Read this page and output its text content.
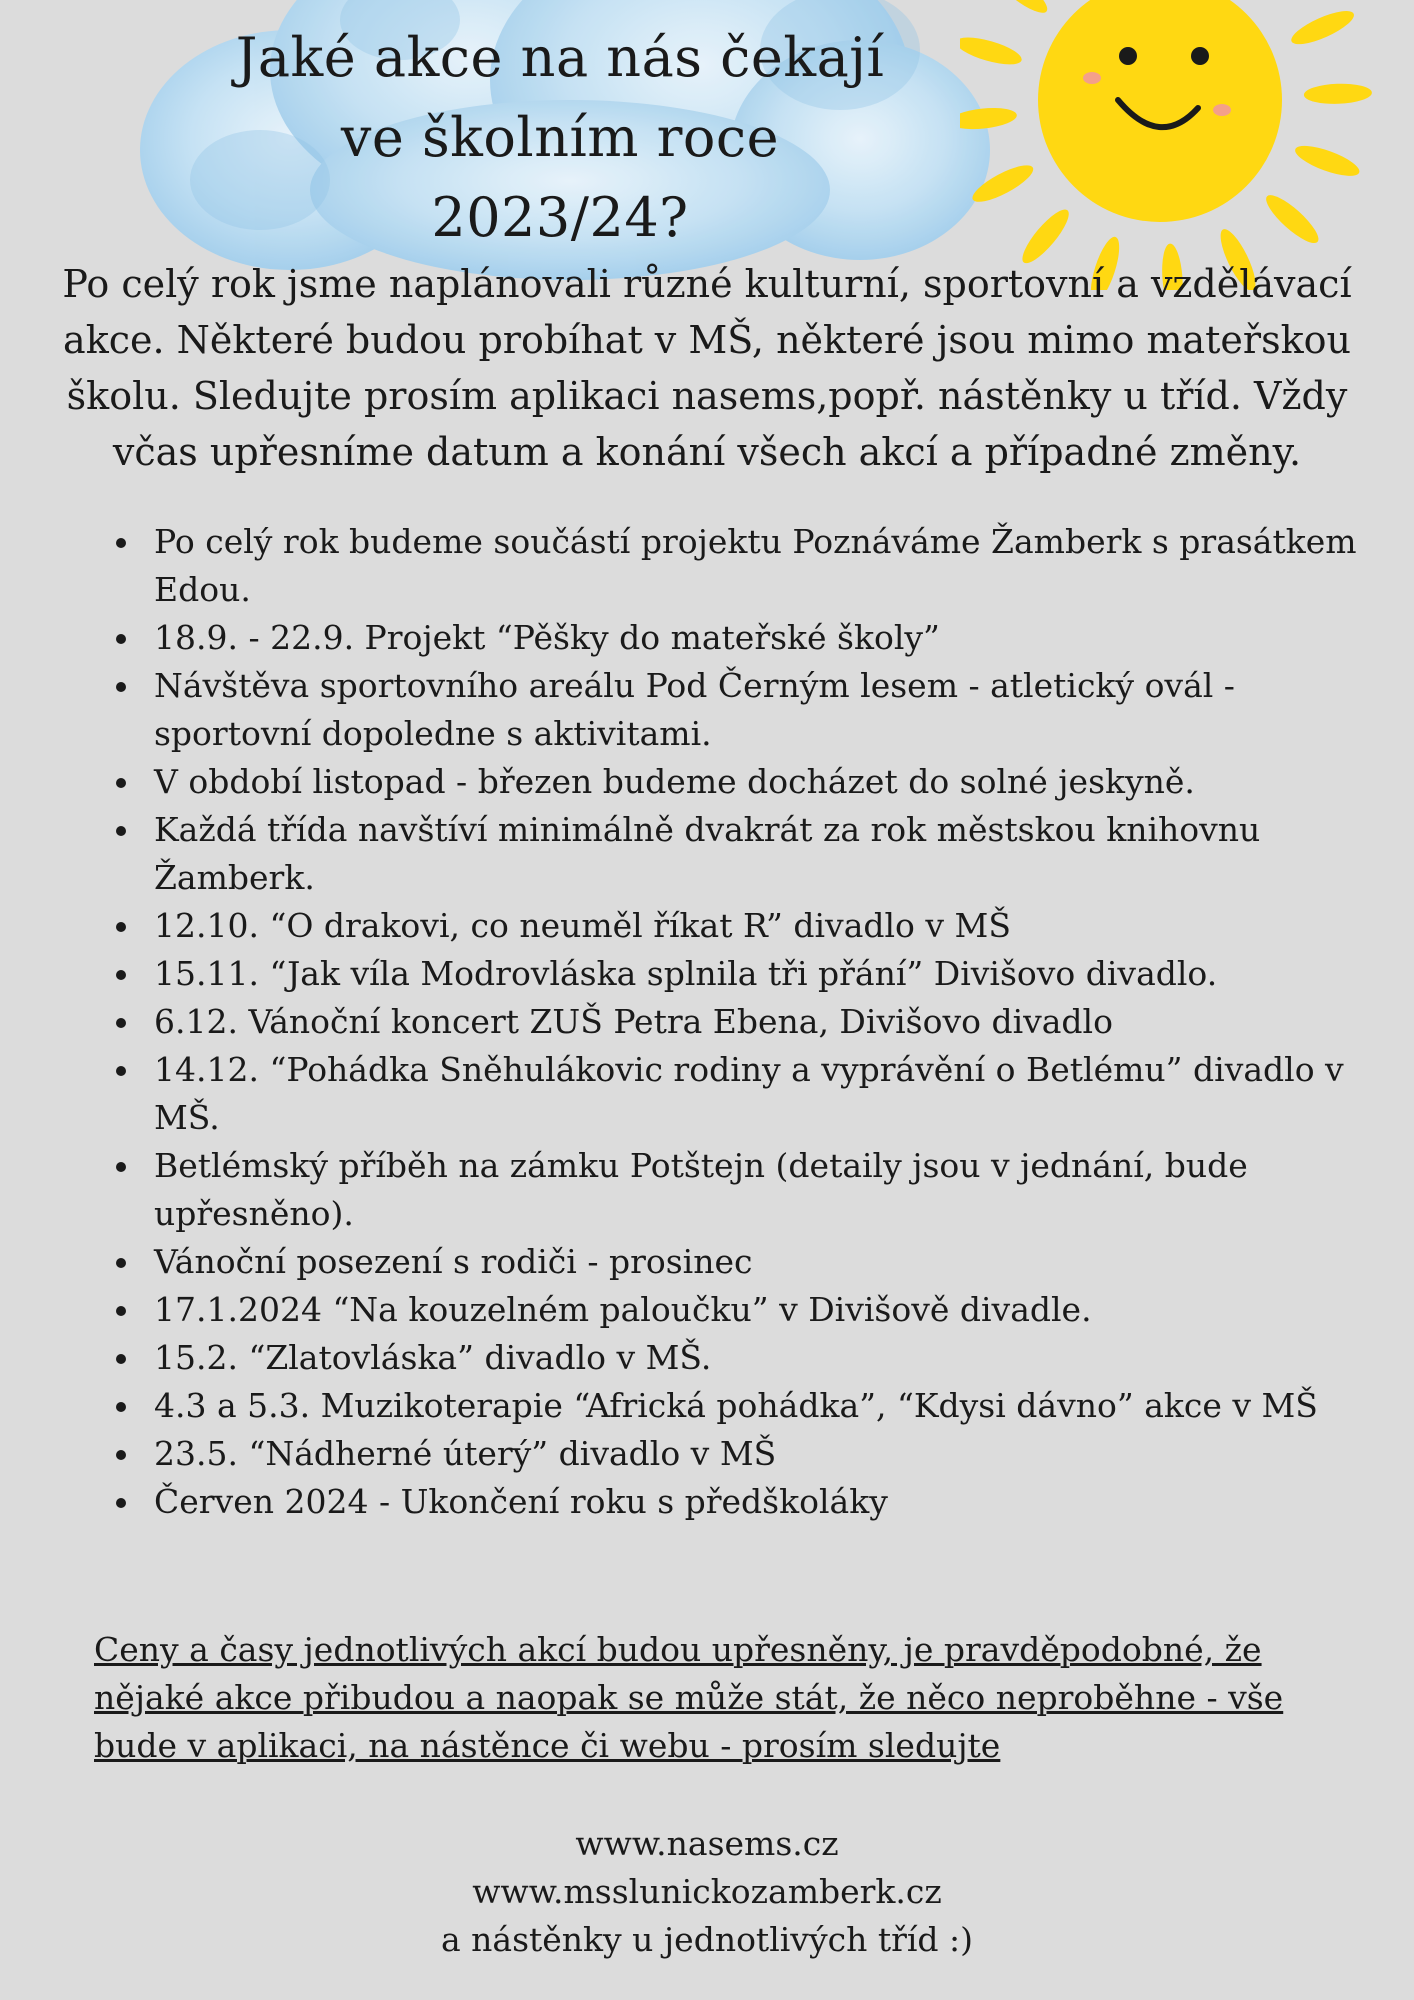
Jaké akce na nás čekají
ve školním roce
2023/24?

Po celý rok jsme naplánovali různé kulturní, sportovní a vzdělávací akce. Některé budou probíhat v MŠ, některé jsou mimo mateřskou školu. Sledujte prosím aplikaci nasems,popř. nástěnky u tříd. Vždy včas upřesníme datum a konání všech akcí a případné změny.

Po celý rok budeme součástí projektu Poznáváme Žamberk s prasátkem Edou.
18.9. - 22.9. Projekt “Pěšky do mateřské školy”
Návštěva sportovního areálu Pod Černým lesem - atletický ovál - sportovní dopoledne s aktivitami.
V období listopad - březen budeme docházet do solné jeskyně.
Každá třída navštíví minimálně dvakrát za rok městskou knihovnu Žamberk.
12.10. “O drakovi, co neuměl říkat R” divadlo v MŠ
15.11. “Jak víla Modrovláska splnila tři přání” Divišovo divadlo.
6.12. Vánoční koncert ZUŠ Petra Ebena, Divišovo divadlo
14.12. “Pohádka Sněhulákovic rodiny a vyprávění o Betlému” divadlo v MŠ.
Betlémský příběh na zámku Potštejn (detaily jsou v jednání, bude upřesněno).
Vánoční posezení s rodiči - prosinec
17.1.2024 “Na kouzelném paloučku” v Divišově divadle.
15.2. “Zlatovláska” divadlo v MŠ.
4.3 a 5.3. Muzikoterapie “Africká pohádka”, “Kdysi dávno” akce v MŠ
23.5. “Nádherné úterý” divadlo v MŠ
Červen 2024 - Ukončení roku s předškoláky

Ceny a časy jednotlivých akcí budou upřesněny, je pravděpodobné, že nějaké akce přibudou a naopak se může stát, že něco neproběhne - vše bude v aplikaci, na nástěnce či webu - prosím sledujte

www.nasems.cz
www.msslunickozamberk.cz
a nástěnky u jednotlivých tříd :)
